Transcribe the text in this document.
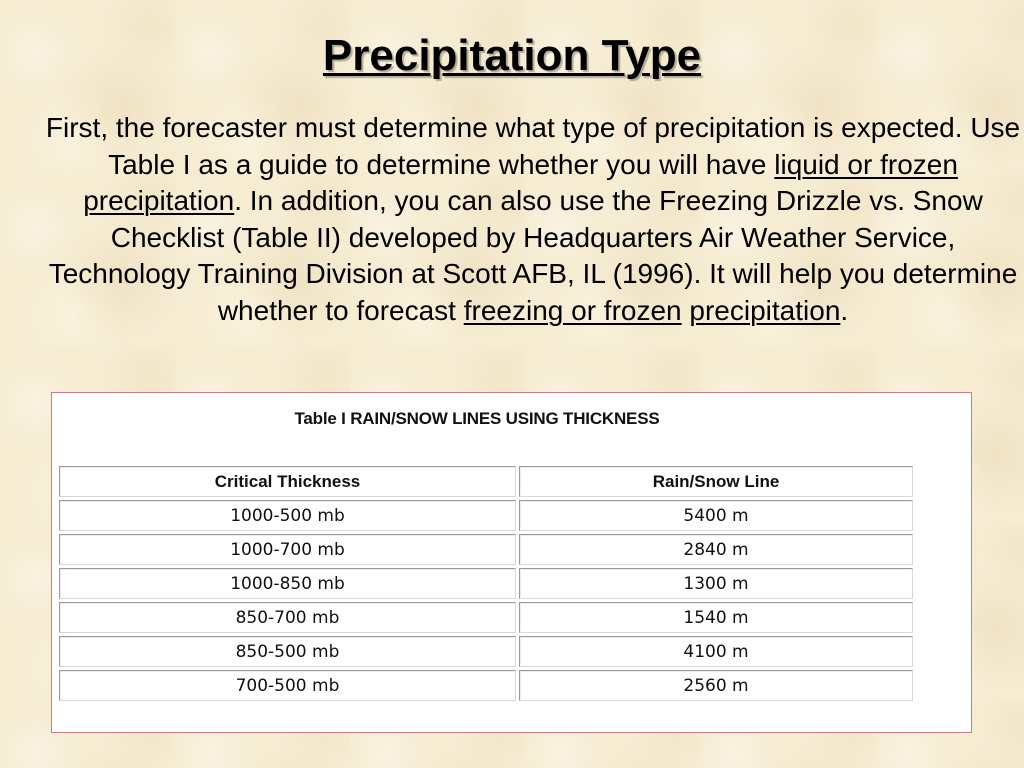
Precipitation Type

First, the forecaster must determine what type of precipitation is expected. Use Table I as a guide to determine whether you will have liquid or frozen precipitation. In addition, you can also use the Freezing Drizzle vs. Snow Checklist (Table II) developed by Headquarters Air Weather Service, Technology Training Division at Scott AFB, IL (1996). It will help you determine whether to forecast freezing or frozen precipitation.

Table I RAIN/SNOW LINES USING THICKNESS
Critical Thickness	Rain/Snow Line
1000-500 mb	5400 m
1000-700 mb	2840 m
1000-850 mb	1300 m
850-700 mb	1540 m
850-500 mb	4100 m
700-500 mb	2560 m
